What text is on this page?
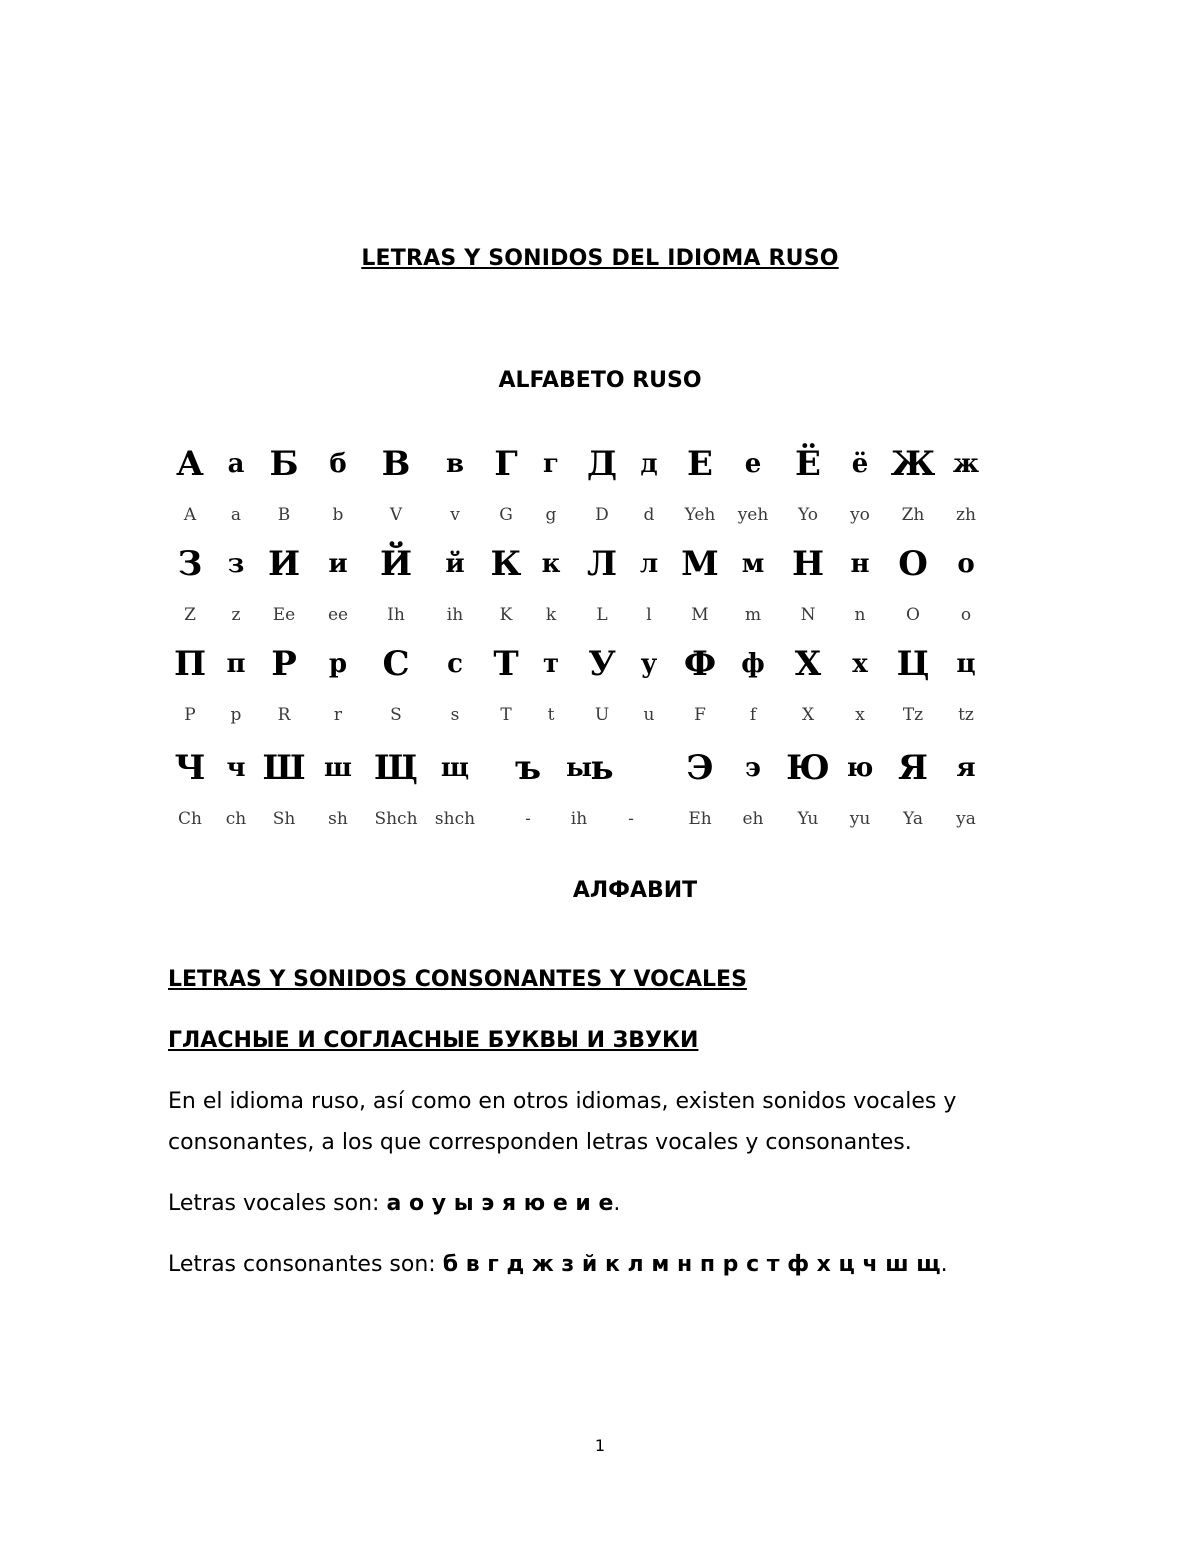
LETRAS Y SONIDOS DEL IDIOMA RUSO
ALFABETO RUSO
А
A
а
a
Б
B
б
b
В
V
в
v
Г
G
г
g
Д
D
д
d
Е
Yeh
е
yeh
Ё
Yo
ё
yo
Ж
Zh
ж
zh
З
Z
з
z
И
Ee
и
ee
Й
Ih
й
ih
К
K
к
k
Л
L
л
l
М
M
м
m
Н
N
н
n
О
O
о
o
П
P
п
p
Р
R
р
r
С
S
с
s
Т
T
т
t
У
U
у
u
Ф
F
ф
f
Х
X
х
x
Ц
Tz
ц
tz
Ч
Ch
ч
ch
Ш
Sh
ш
sh
Щ
Shch
щ
shch
ъ
-
ы
ih
ь
-
Э
Eh
э
eh
Ю
Yu
ю
yu
Я
Ya
я
ya
АЛФАВИТ
LETRAS Y SONIDOS CONSONANTES Y VOCALES
ГЛАСНЫЕ И СОГЛАСНЫЕ БУКВЫ И ЗВУКИ
En el idioma ruso, así como en otros idiomas, existen sonidos vocales y consonantes, a los que corresponden letras vocales y consonantes.
Letras vocales son: а о у ы э я ю е и е.
Letras consonantes son: б в г д ж з й к л м н п р с т ф х ц ч ш щ.
1
